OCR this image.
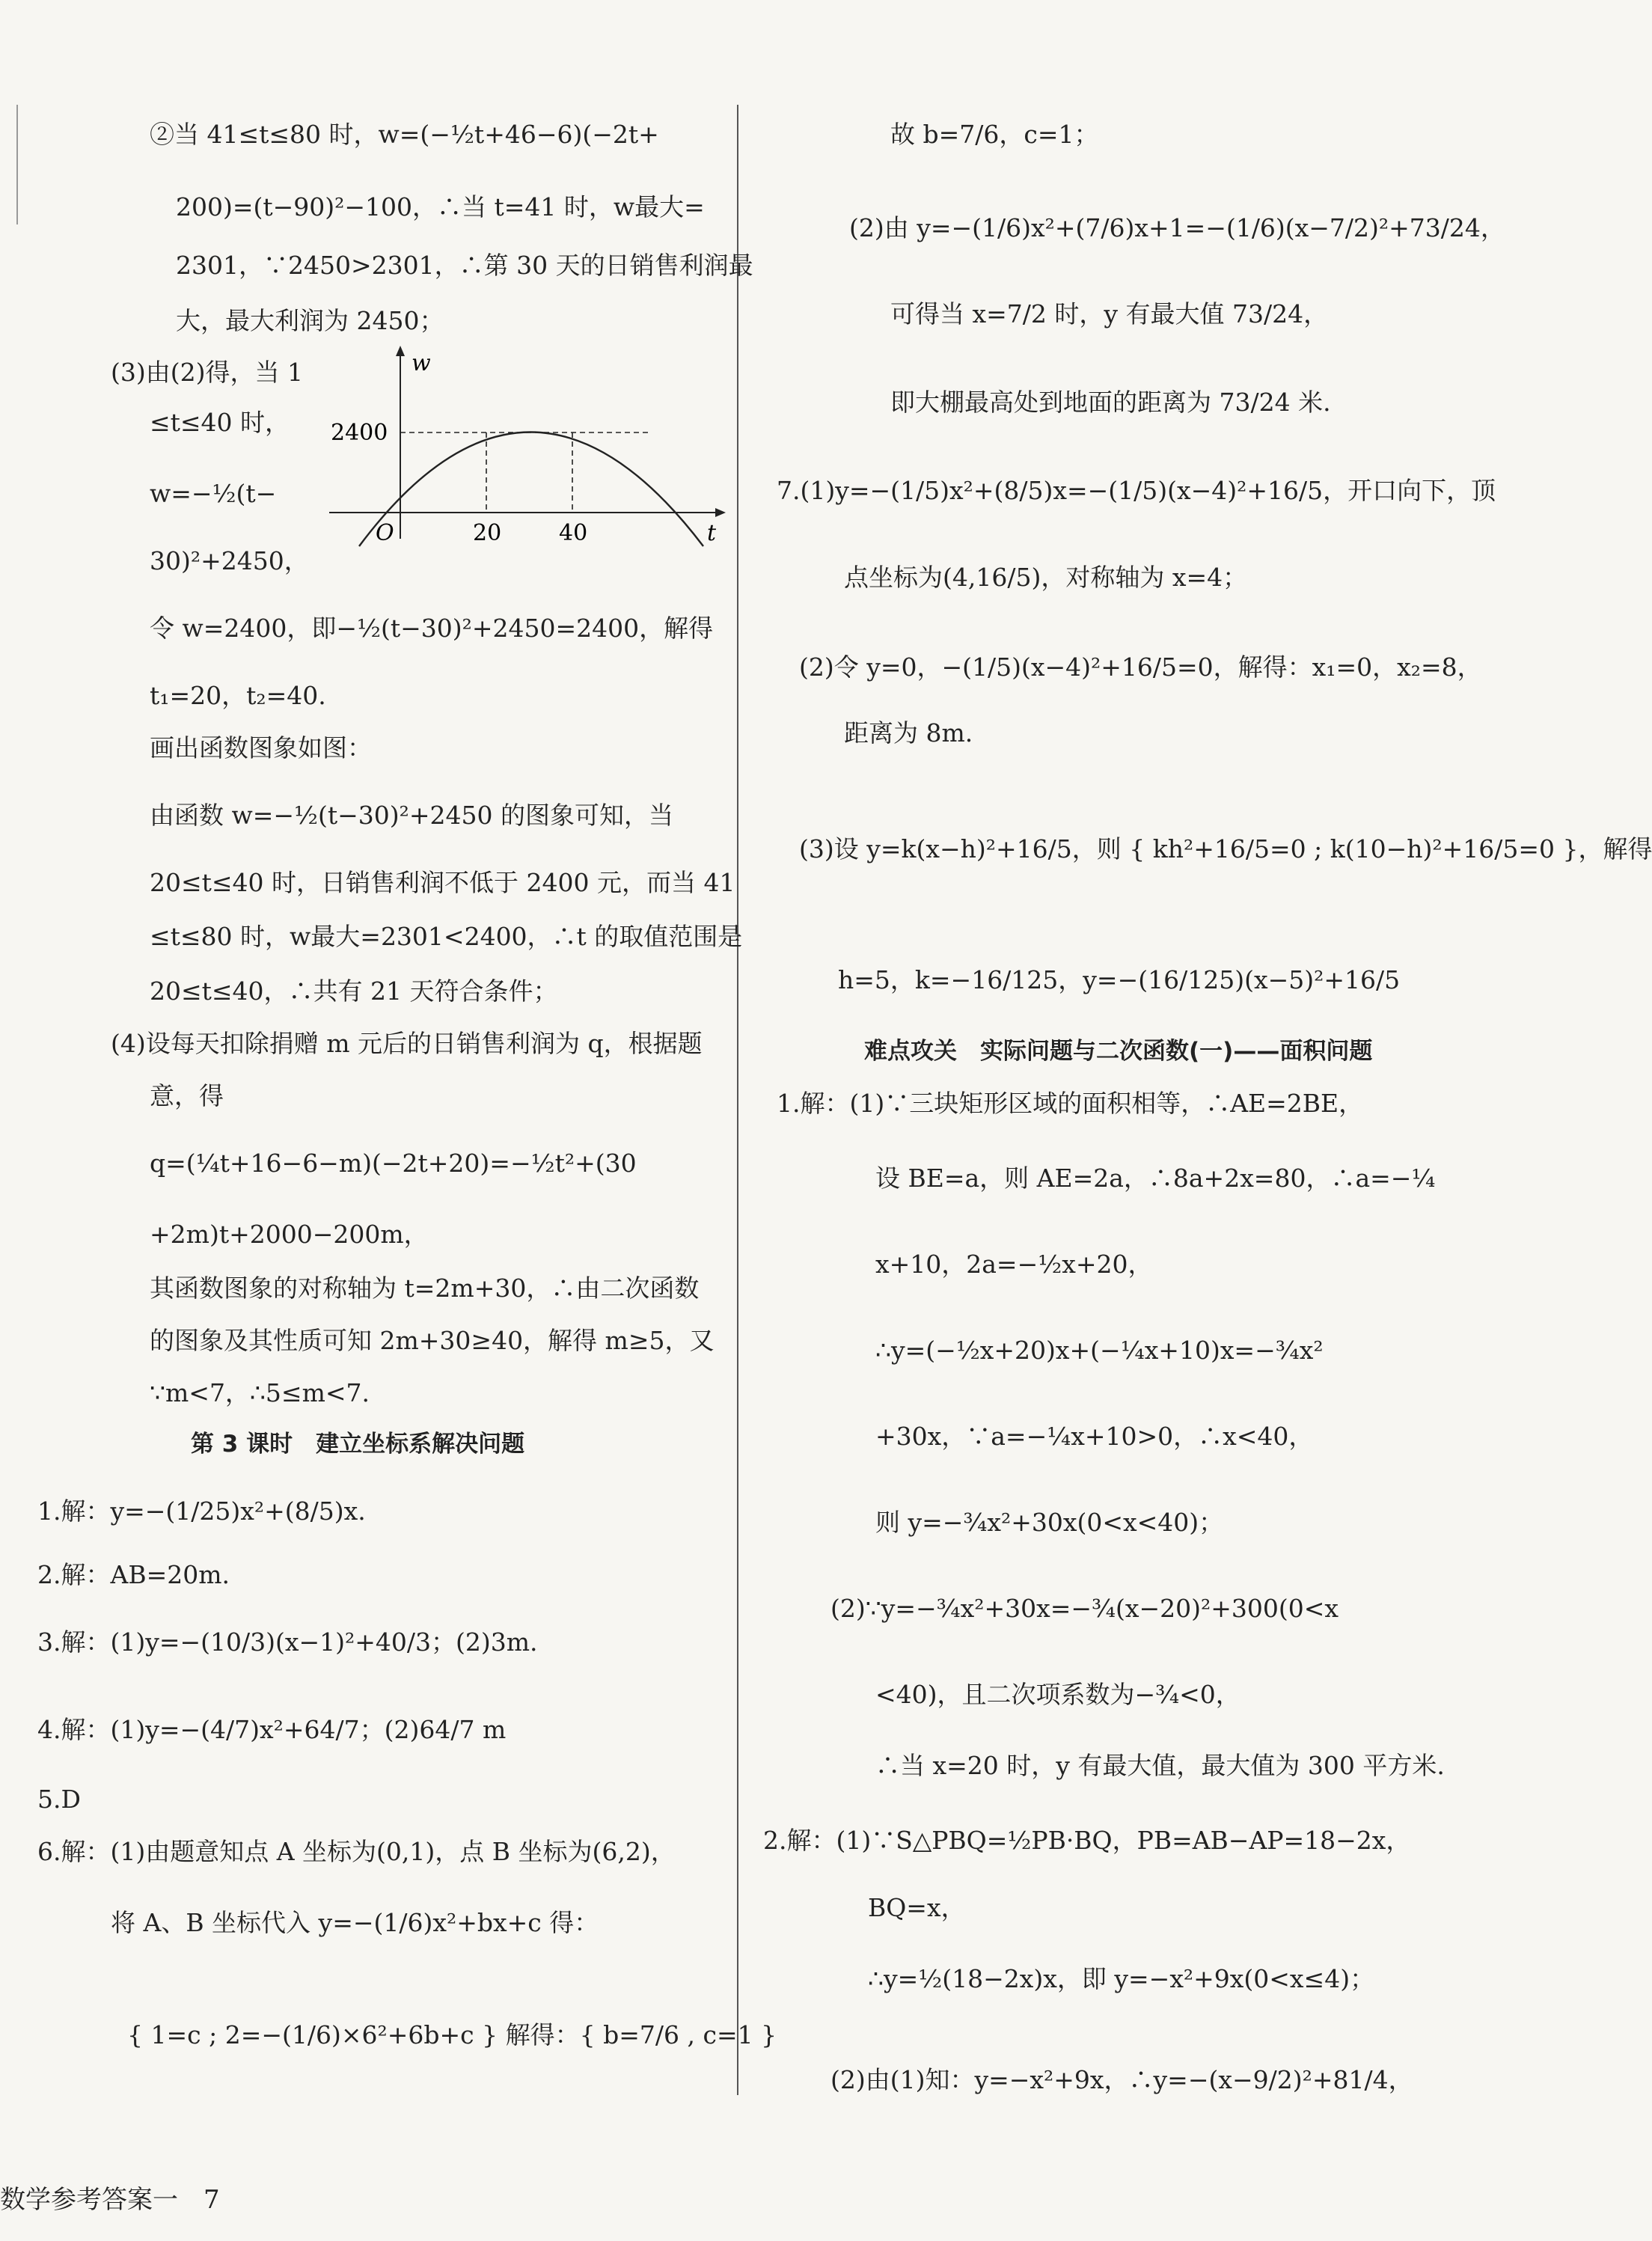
②当 41≤t≤80 时，w=(−½t+46−6)(−2t+
200)=(t−90)²−100，∴当 t=41 时，w最大=
2301，∵2450>2301，∴第 30 天的日销售利润最
大，最大利润为 2450；
(3)由(2)得，当 1
≤t≤40 时，
w=−½(t−
30)²+2450，
令 w=2400，即−½(t−30)²+2450=2400，解得
t₁=20，t₂=40.
画出函数图象如图：
由函数 w=−½(t−30)²+2450 的图象可知，当
20≤t≤40 时，日销售利润不低于 2400 元，而当 41
≤t≤80 时，w最大=2301<2400，∴t 的取值范围是
20≤t≤40，∴共有 21 天符合条件；
(4)设每天扣除捐赠 m 元后的日销售利润为 q，根据题
意，得
q=(¼t+16−6−m)(−2t+20)=−½t²+(30
+2m)t+2000−200m，
其函数图象的对称轴为 t=2m+30，∴由二次函数
的图象及其性质可知 2m+30≥40，解得 m≥5，又
∵m<7，∴5≤m<7.
1.解：y=−(1/25)x²+(8/5)x.
2.解：AB=20m.
3.解：(1)y=−(10/3)(x−1)²+40/3；(2)3m.
4.解：(1)y=−(4/7)x²+64/7；(2)64/7 m
5.D
6.解：(1)由题意知点 A 坐标为(0,1)，点 B 坐标为(6,2)，
将 A、B 坐标代入 y=−(1/6)x²+bx+c 得：
{ 1=c ; 2=−(1/6)×6²+6b+c } 解得：{ b=7/6 , c=1 }
第 3 课时　建立坐标系解决问题
故 b=7/6，c=1；
(2)由 y=−(1/6)x²+(7/6)x+1=−(1/6)(x−7/2)²+73/24，
可得当 x=7/2 时，y 有最大值 73/24，
即大棚最高处到地面的距离为 73/24 米.
7.(1)y=−(1/5)x²+(8/5)x=−(1/5)(x−4)²+16/5，开口向下，顶
点坐标为(4,16/5)，对称轴为 x=4；
(2)令 y=0，−(1/5)(x−4)²+16/5=0，解得：x₁=0，x₂=8，
距离为 8m.
(3)设 y=k(x−h)²+16/5，则 { kh²+16/5=0 ; k(10−h)²+16/5=0 }，解得
h=5，k=−16/125，y=−(16/125)(x−5)²+16/5
1.解：(1)∵三块矩形区域的面积相等，∴AE=2BE，
设 BE=a，则 AE=2a，∴8a+2x=80，∴a=−¼
x+10，2a=−½x+20，
∴y=(−½x+20)x+(−¼x+10)x=−¾x²
+30x，∵a=−¼x+10>0，∴x<40，
则 y=−¾x²+30x(0<x<40)；
(2)∵y=−¾x²+30x=−¾(x−20)²+300(0<x
<40)，且二次项系数为−¾<0，
∴当 x=20 时，y 有最大值，最大值为 300 平方米.
2.解：(1)∵S△PBQ=½PB·BQ，PB=AB−AP=18−2x，
BQ=x，
∴y=½(18−2x)x，即 y=−x²+9x(0<x≤4)；
(2)由(1)知：y=−x²+9x，∴y=−(x−9/2)²+81/4，
难点攻关　实际问题与二次函数(一)——面积问题
w
t
O
2400
20	40
数学参考答案一　7
